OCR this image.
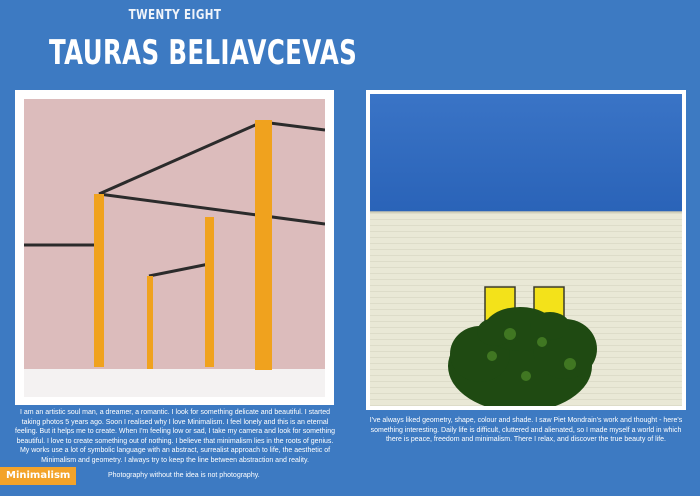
TWENTY EIGHT
TAURAS BELIAVCEVAS
I am an artistic soul man, a dreamer, a romantic. I look for something delicate and beautiful. I started taking photos 5 years ago. Soon I realised why I love Minimalism. I feel lonely and this is an eternal feeling. But it helps me to create. When I'm feeling low or sad, I take my camera and look for something beautiful. I love to create something out of nothing. I believe that minimalism lies in the roots of genius. My works use a lot of symbolic language with an abstract, surrealist approach to life, the aesthetic of Minimalism and geometry. I always try to keep the line between abstraction and reality.
I've always liked geometry, shape, colour and shade. I saw Piet Mondrain's work and thought - here's something interesting. Daily life is difficult, cluttered and alienated, so I made myself a world in which there is peace, freedom and minimalism. There I relax, and discover the true beauty of life.
Minimalism	Photography without the idea is not photography.
